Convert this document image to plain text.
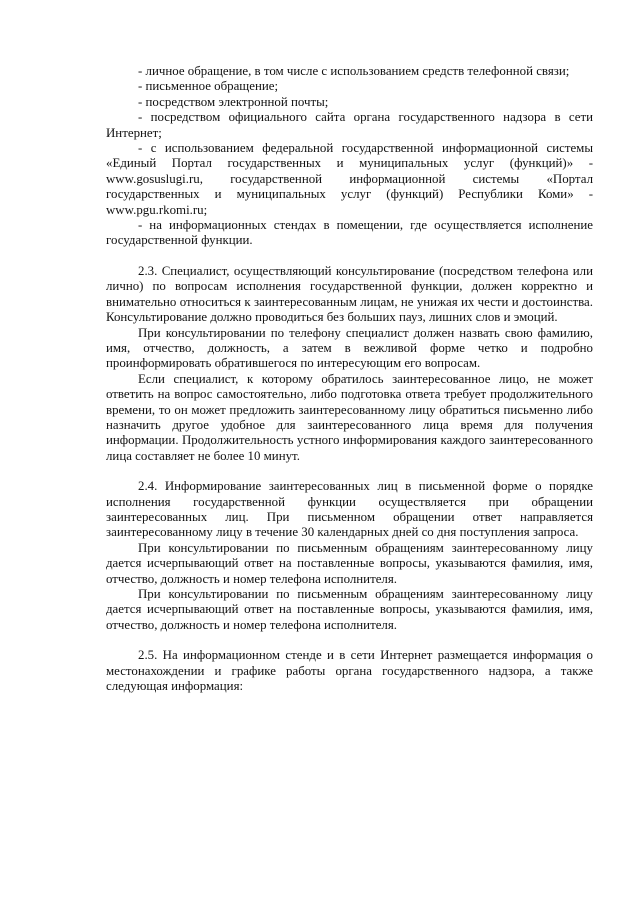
- личное обращение, в том числе с использованием средств телефонной связи;

- письменное обращение;

- посредством электронной почты;

- посредством официального сайта органа государственного надзора в сети Интернет;

- с использованием федеральной государственной информационной системы «Единый Портал государственных и муниципальных услуг (функций)» - www.gosuslugi.ru, государственной информационной системы «Портал государственных и муниципальных услуг (функций) Республики Коми» - www.pgu.rkomi.ru;

- на информационных стендах в помещении, где осуществляется исполнение государственной функции.

2.3. Специалист, осуществляющий консультирование (посредством телефона или лично) по вопросам исполнения государственной функции, должен корректно и внимательно относиться к заинтересованным лицам, не унижая их чести и достоинства. Консультирование должно проводиться без больших пауз, лишних слов и эмоций.

При консультировании по телефону специалист должен назвать свою фамилию, имя, отчество, должность, а затем в вежливой форме четко и подробно проинформировать обратившегося по интересующим его вопросам.

Если специалист, к которому обратилось заинтересованное лицо, не может ответить на вопрос самостоятельно, либо подготовка ответа требует продолжительного времени, то он может предложить заинтересованному лицу обратиться письменно либо назначить другое удобное для заинтересованного лица время для получения информации. Продолжительность устного информирования каждого заинтересованного лица составляет не более 10 минут.

2.4. Информирование заинтересованных лиц в письменной форме о порядке исполнения государственной функции осуществляется при обращении заинтересованных лиц. При письменном обращении ответ направляется заинтересованному лицу в течение 30 календарных дней со дня поступления запроса.

При консультировании по письменным обращениям заинтересованному лицу дается исчерпывающий ответ на поставленные вопросы, указываются фамилия, имя, отчество, должность и номер телефона исполнителя.

При консультировании по письменным обращениям заинтересованному лицу дается исчерпывающий ответ на поставленные вопросы, указываются фамилия, имя, отчество, должность и номер телефона исполнителя.

2.5. На информационном стенде и в сети Интернет размещается информация о местонахождении и графике работы органа государственного надзора, а также следующая информация:
